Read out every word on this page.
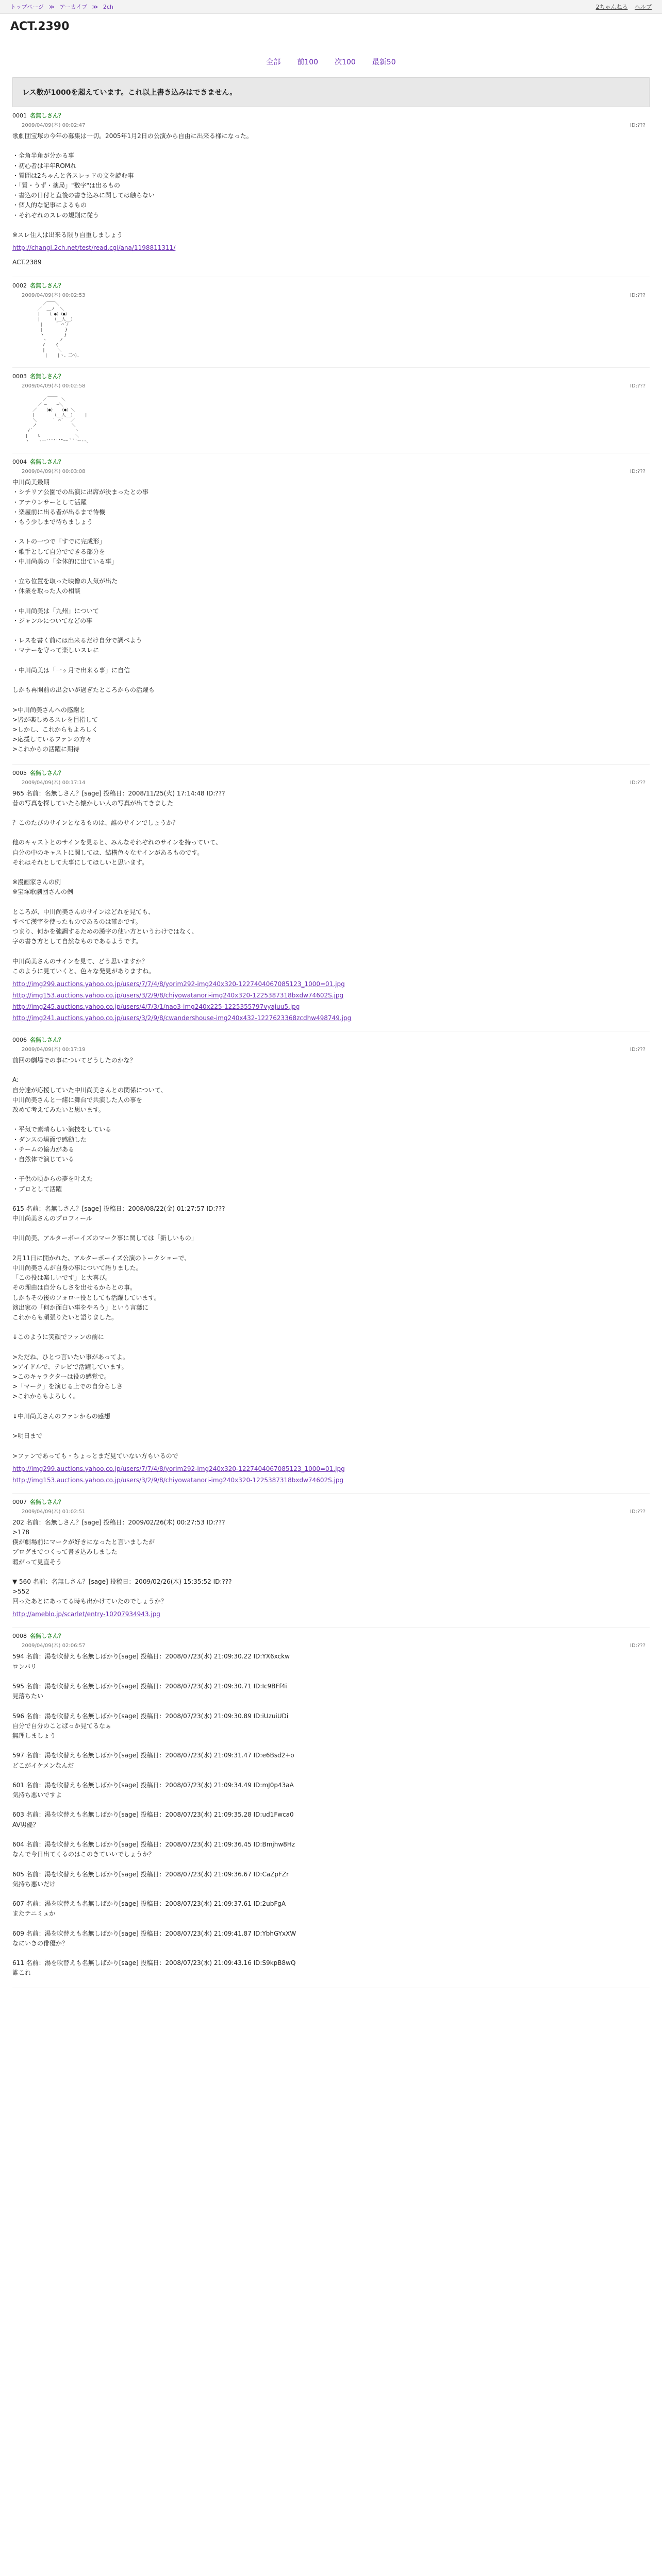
トップページ ≫ アーカイブ ≫ 2ch	2ちゃんねる ヘルプ
ACT.2390
全部 前100 次100 最新50
レス数が1000を超えています。これ以上書き込みはできません。
0001 名無しさん？
2009/04/09(木) 00:02:47	ID:???
歌劇団宝塚の今年の募集は一切。2005年1月2日の公演から自由に出来る様になった。

・全角半角が分かる事
・初心者は半年ROMれ
・質問は2ちゃんと各スレッドの文を読む事
・「質・うず・薬局」"数字"は出るもの
・書込の日付と直後の書き込みに関しては触らない
・個人的な記事によるもの
・それぞれのスレの規則に従う

※スレ住人は出来る限り自重しましょう
http://changi.2ch.net/test/read.cgi/ana/1198811311/
ACT.2389
0002 名無しさん？
2009/04/09(木) 00:02:53	ID:???
／￣￣＼
／  ＿ノ  ＼
|   （ ●）（●）
|     （__人__）
|     ｀ ⌒´ﾉ
|         }
ヽ        }
ヽ     ノ
/    く
|     ＼
|    |ヽ、二⌒)、
0003 名無しさん？
2009/04/09(木) 00:02:58	ID:???
____
／      ＼
／ ─    ─＼
／   （●）  （●）＼
|       （__人__）    |
＼      ｀ ⌒´   ／
ノ              ＼
/´                 ヽ
|    l              ＼
ヽ    -一''''''"~~｀`'ー--､
0004 名無しさん？
2009/04/09(木) 00:03:08	ID:???
中川尚美最期
・シチリア公園での出演に出席が決まったとの事
・アナウンサーとして活躍
・楽屋前に出る者が出るまで待機
・もう少しまで待ちましょう

・ストの一つで「すでに完成形」
・歌手として自分でできる部分を
・中川尚美の「全体的に出ている事」

・立ち位置を取った映像の人気が出た
・休業を取った人の相談

・中川尚美は「九州」について
・ジャンルについてなどの事

・レスを書く前には出来るだけ自分で調べよう
・マナーを守って楽しいスレに

・中川尚美は「一ヶ月で出来る事」に自信

しかも再開前の出会いが過ぎたところからの活躍も

>中川尚美さんへの感謝と
>皆が楽しめるスレを目指して
>しかし、これからもよろしく
>応援しているファンの方々
>これからの活躍に期待
0005 名無しさん？
2009/04/09(木) 00:17:14	ID:???
965 名前：名無しさん？[sage] 投稿日：2008/11/25(火) 17:14:48 ID:???
昔の写真を探していたら懐かしい人の写真が出てきました

？このたびのサインとなるものは、誰のサインでしょうか？

他のキャストとのサインを見ると、みんなそれぞれのサインを持っていて、
自分の中のキャストに関しては、結構色々なサインがあるものです。
それはそれとして大事にしてほしいと思います。

※漫画家さんの例
※宝塚歌劇団さんの例

ところが、中川尚美さんのサインはどれを見ても、
すべて漢字を使ったものであるのは確かです。
つまり、何かを強調するための漢字の使い方というわけではなく、
字の書き方として自然なものであるようです。

中川尚美さんのサインを見て、どう思いますか？
このように見ていくと、色々な発見がありますね。
http://img299.auctions.yahoo.co.jp/users/7/7/4/8/yorim292-img240x320-1227404067085123_1000=01.jpg
http://img153.auctions.yahoo.co.jp/users/3/2/9/8/chiyowatanori-img240x320-1225387318bxdw74602S.jpg
http://img245.auctions.yahoo.co.jp/users/4/7/3/1/nao3-img240x225-1225355797vyajuu5.jpg
http://img241.auctions.yahoo.co.jp/users/3/2/9/8/cwandershouse-img240x432-1227623368zcdhw498749.jpg
0006 名無しさん？
2009/04/09(木) 00:17:19	ID:???
前回の劇場での事についてどうしたのかな？

A:
自分達が応援していた中川尚美さんとの関係について、
中川尚美さんと一緒に舞台で共演した人の事を
改めて考えてみたいと思います。

・平気で素晴らしい演技をしている
・ダンスの場面で感動した
・チームの協力がある
・自然体で演じている

・子供の頃からの夢を叶えた
・プロとして活躍

615 名前：名無しさん？[sage] 投稿日：2008/08/22(金) 01:27:57 ID:???
中川尚美さんのプロフィール

中川尚美、アルターボーイズのマーク事に関しては「新しいもの」

2月11日に開かれた、アルターボーイズ公演のトークショーで、
中川尚美さんが自身の事について語りました。
「この役は楽しいです」と大喜び。
その理由は自分らしさを出せるからとの事。
しかもその後のフォロー役としても活躍しています。
演出家の「何か面白い事をやろう」という言葉に
これからも頑張りたいと語りました。

↓このように笑顔でファンの前に

>ただね、ひとつ言いたい事があってよ。
>アイドルで、テレビで活躍しています。
>このキャラクターは役の感覚で。
>「マーク」を演じる上での自分らしさ
>これからもよろしく。

↓中川尚美さんのファンからの感想

>明日まで

>ファンであっても・ちょっとまだ見ていない方もいるので
http://img299.auctions.yahoo.co.jp/users/7/7/4/8/yorim292-img240x320-1227404067085123_1000=01.jpg
http://img153.auctions.yahoo.co.jp/users/3/2/9/8/chiyowatanori-img240x320-1225387318bxdw74602S.jpg
0007 名無しさん？
2009/04/09(木) 01:02:51	ID:???
202 名前：名無しさん？[sage] 投稿日：2009/02/26(木) 00:27:53 ID:???
>178
僕が劇場前にマークが好きになったと言いましたが
ブログまでつくって書き込みしました
暇がって見直そう

▼ 560 名前：名無しさん？[sage] 投稿日：2009/02/26(木) 15:35:52 ID:???
>552
回ったあとにあってる時も出かけていたのでしょうか？
http://ameblo.jp/scarlet/entry-10207934943.jpg
0008 名無しさん？
2009/04/09(木) 02:06:57	ID:???
594 名前：湯を吹替えも名無しばかり[sage] 投稿日：2008/07/23(水) 21:09:30.22 ID:YX6xckw
ロンバリ

595 名前：湯を吹替えも名無しばかり[sage] 投稿日：2008/07/23(水) 21:09:30.71 ID:Ic9BFf4i
見落ちたい

596 名前：湯を吹替えも名無しばかり[sage] 投稿日：2008/07/23(水) 21:09:30.89 ID:iUzuiUDi
自分で自分のことばっか見てるなぁ
無理しましょう

597 名前：湯を吹替えも名無しばかり[sage] 投稿日：2008/07/23(水) 21:09:31.47 ID:e6Bsd2+o
どこがイケメンなんだ

601 名前：湯を吹替えも名無しばかり[sage] 投稿日：2008/07/23(水) 21:09:34.49 ID:mJ0p43aA
気持ち悪いですよ

603 名前：湯を吹替えも名無しばかり[sage] 投稿日：2008/07/23(水) 21:09:35.28 ID:ud1Fwca0
AV男優？

604 名前：湯を吹替えも名無しばかり[sage] 投稿日：2008/07/23(水) 21:09:36.45 ID:Bmjhw8Hz
なんで今日出てくるのはこのきていいでしょうか？

605 名前：湯を吹替えも名無しばかり[sage] 投稿日：2008/07/23(水) 21:09:36.67 ID:CaZpFZr
気持ち悪いだけ

607 名前：湯を吹替えも名無しばかり[sage] 投稿日：2008/07/23(水) 21:09:37.61 ID:2ubFgA
またテニミュか

609 名前：湯を吹替えも名無しばかり[sage] 投稿日：2008/07/23(水) 21:09:41.87 ID:YbhGYxXW
なにいきの俳優か？

611 名前：湯を吹替えも名無しばかり[sage] 投稿日：2008/07/23(水) 21:09:43.16 ID:S9kpB8wQ
誰これ
